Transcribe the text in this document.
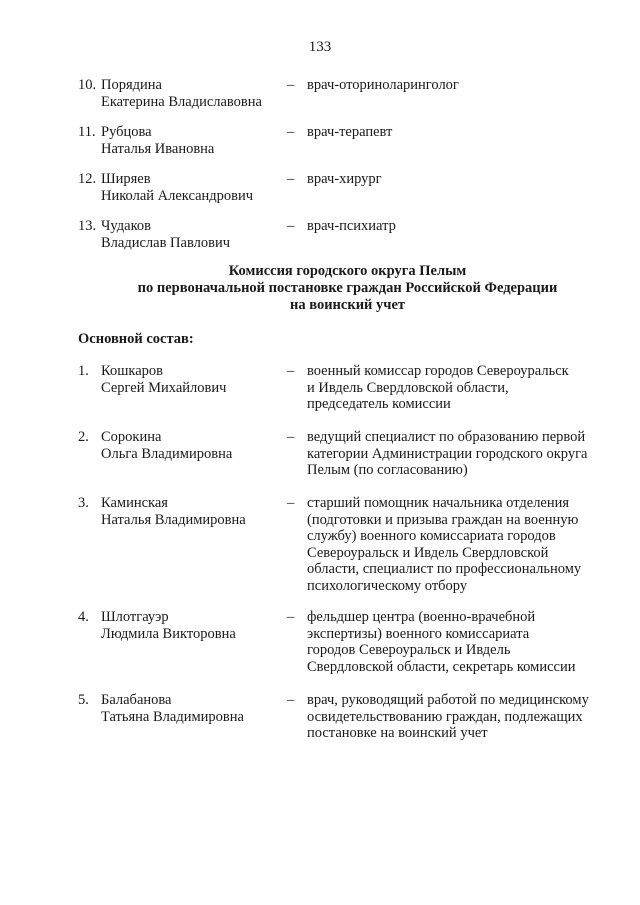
133
10. Порядина
Екатерина Владиславовна
– врач-оториноларинголог
11. Рубцова
Наталья Ивановна
– врач-терапевт
12. Ширяев
Николай Александрович
– врач-хирург
13. Чудаков
Владислав Павлович
– врач-психиатр
Комиссия городского округа Пелым
по первоначальной постановке граждан Российской Федерации
на воинский учет
Основной состав:
1. Кошкаров
Сергей Михайлович
– военный комиссар городов Североуральск
и Ивдель Свердловской области,
председатель комиссии
2. Сорокина
Ольга Владимировна
– ведущий специалист по образованию первой
категории Администрации городского округа
Пелым (по согласованию)
3. Каминская
Наталья Владимировна
– старший помощник начальника отделения
(подготовки и призыва граждан на военную
службу) военного комиссариата городов
Североуральск и Ивдель Свердловской
области, специалист по профессиональному
психологическому отбору
4. Шлотгауэр
Людмила Викторовна
– фельдшер центра (военно-врачебной
экспертизы) военного комиссариата
городов Североуральск и Ивдель
Свердловской области, секретарь комиссии
5. Балабанова
Татьяна Владимировна
– врач, руководящий работой по медицинскому
освидетельствованию граждан, подлежащих
постановке на воинский учет
